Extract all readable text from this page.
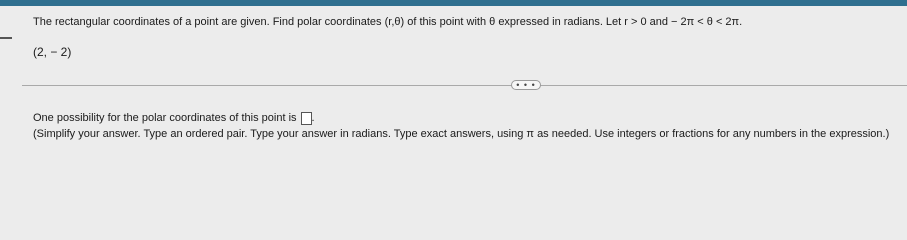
The rectangular coordinates of a point are given. Find polar coordinates (r,θ) of this point with θ expressed in radians. Let r > 0 and − 2π < θ < 2π.
(2, − 2)
• • •
One possibility for the polar coordinates of this point is .
(Simplify your answer. Type an ordered pair. Type your answer in radians. Type exact answers, using π as needed. Use integers or fractions for any numbers in the expression.)
